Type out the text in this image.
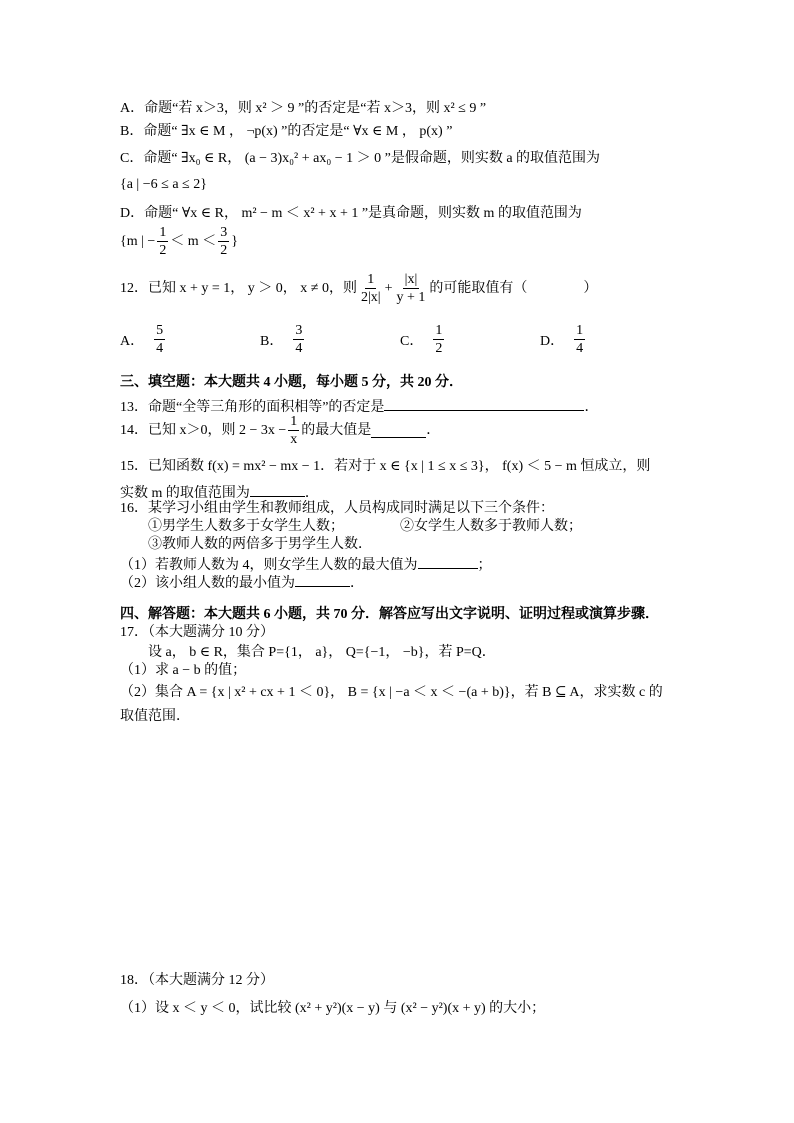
A．命题“若 x＞3，则 x² ＞ 9 ”的否定是“若 x＞3，则 x² ≤ 9 ”
B．命题“ ∃x ∈ M ， ¬p(x) ”的否定是“ ∀x ∈ M ， p(x) ”
C．命题“ ∃x₀ ∈ R， (a − 3)x₀² + ax₀ − 1 ＞ 0 ”是假命题，则实数 a 的取值范围为
{a | −6 ≤ a ≤ 2}
D．命题“ ∀x ∈ R， m² − m ＜ x² + x + 1 ”是真命题，则实数 m 的取值范围为
{m | − $\frac{1}{2} < m < \frac{3}{2}$ }
12．已知 x + y = 1， y ＞ 0， x ≠ 0，则 $\frac{1}{2|x|} + \frac{|x|}{y + 1}$ 的可能取值有（	）
A． $\frac{5}{4}$	B． $\frac{3}{4}$	C． $\frac{1}{2}$	D． $\frac{1}{4}$
三、填空题：本大题共 4 小题，每小题 5 分，共 20 分．
13．命题“全等三角形的面积相等”的否定是	．
14．已知 x＞0，则 $2 - 3x - \frac{1}{x}$ 的最大值是	．
15．已知函数 f(x) = mx² − mx − 1．若对于 x ∈ {x | 1 ≤ x ≤ 3}， f(x) ＜ 5 − m 恒成立，则
实数 m 的取值范围为	．
16．某学习小组由学生和教师组成，人员构成同时满足以下三个条件：
①男学生人数多于女学生人数；	②女学生人数多于教师人数；
③教师人数的两倍多于男学生人数．
（1）若教师人数为 4，则女学生人数的最大值为	；
（2）该小组人数的最小值为	．
四、解答题：本大题共 6 小题，共 70 分．解答应写出文字说明、证明过程或演算步骤．
17．（本大题满分 10 分）
设 a， b ∈ R，集合 P={1， a}， Q={−1， −b}，若 P=Q．
（1）求 a − b 的值；
（2）集合 A = {x | x² + cx + 1 ＜ 0}， B = {x | −a ＜ x ＜ −(a + b)}，若 B ⊆ A，求实数 c 的
取值范围．
18．（本大题满分 12 分）
（1）设 x ＜ y ＜ 0，试比较 (x² + y²)(x − y) 与 (x² − y²)(x + y) 的大小；
